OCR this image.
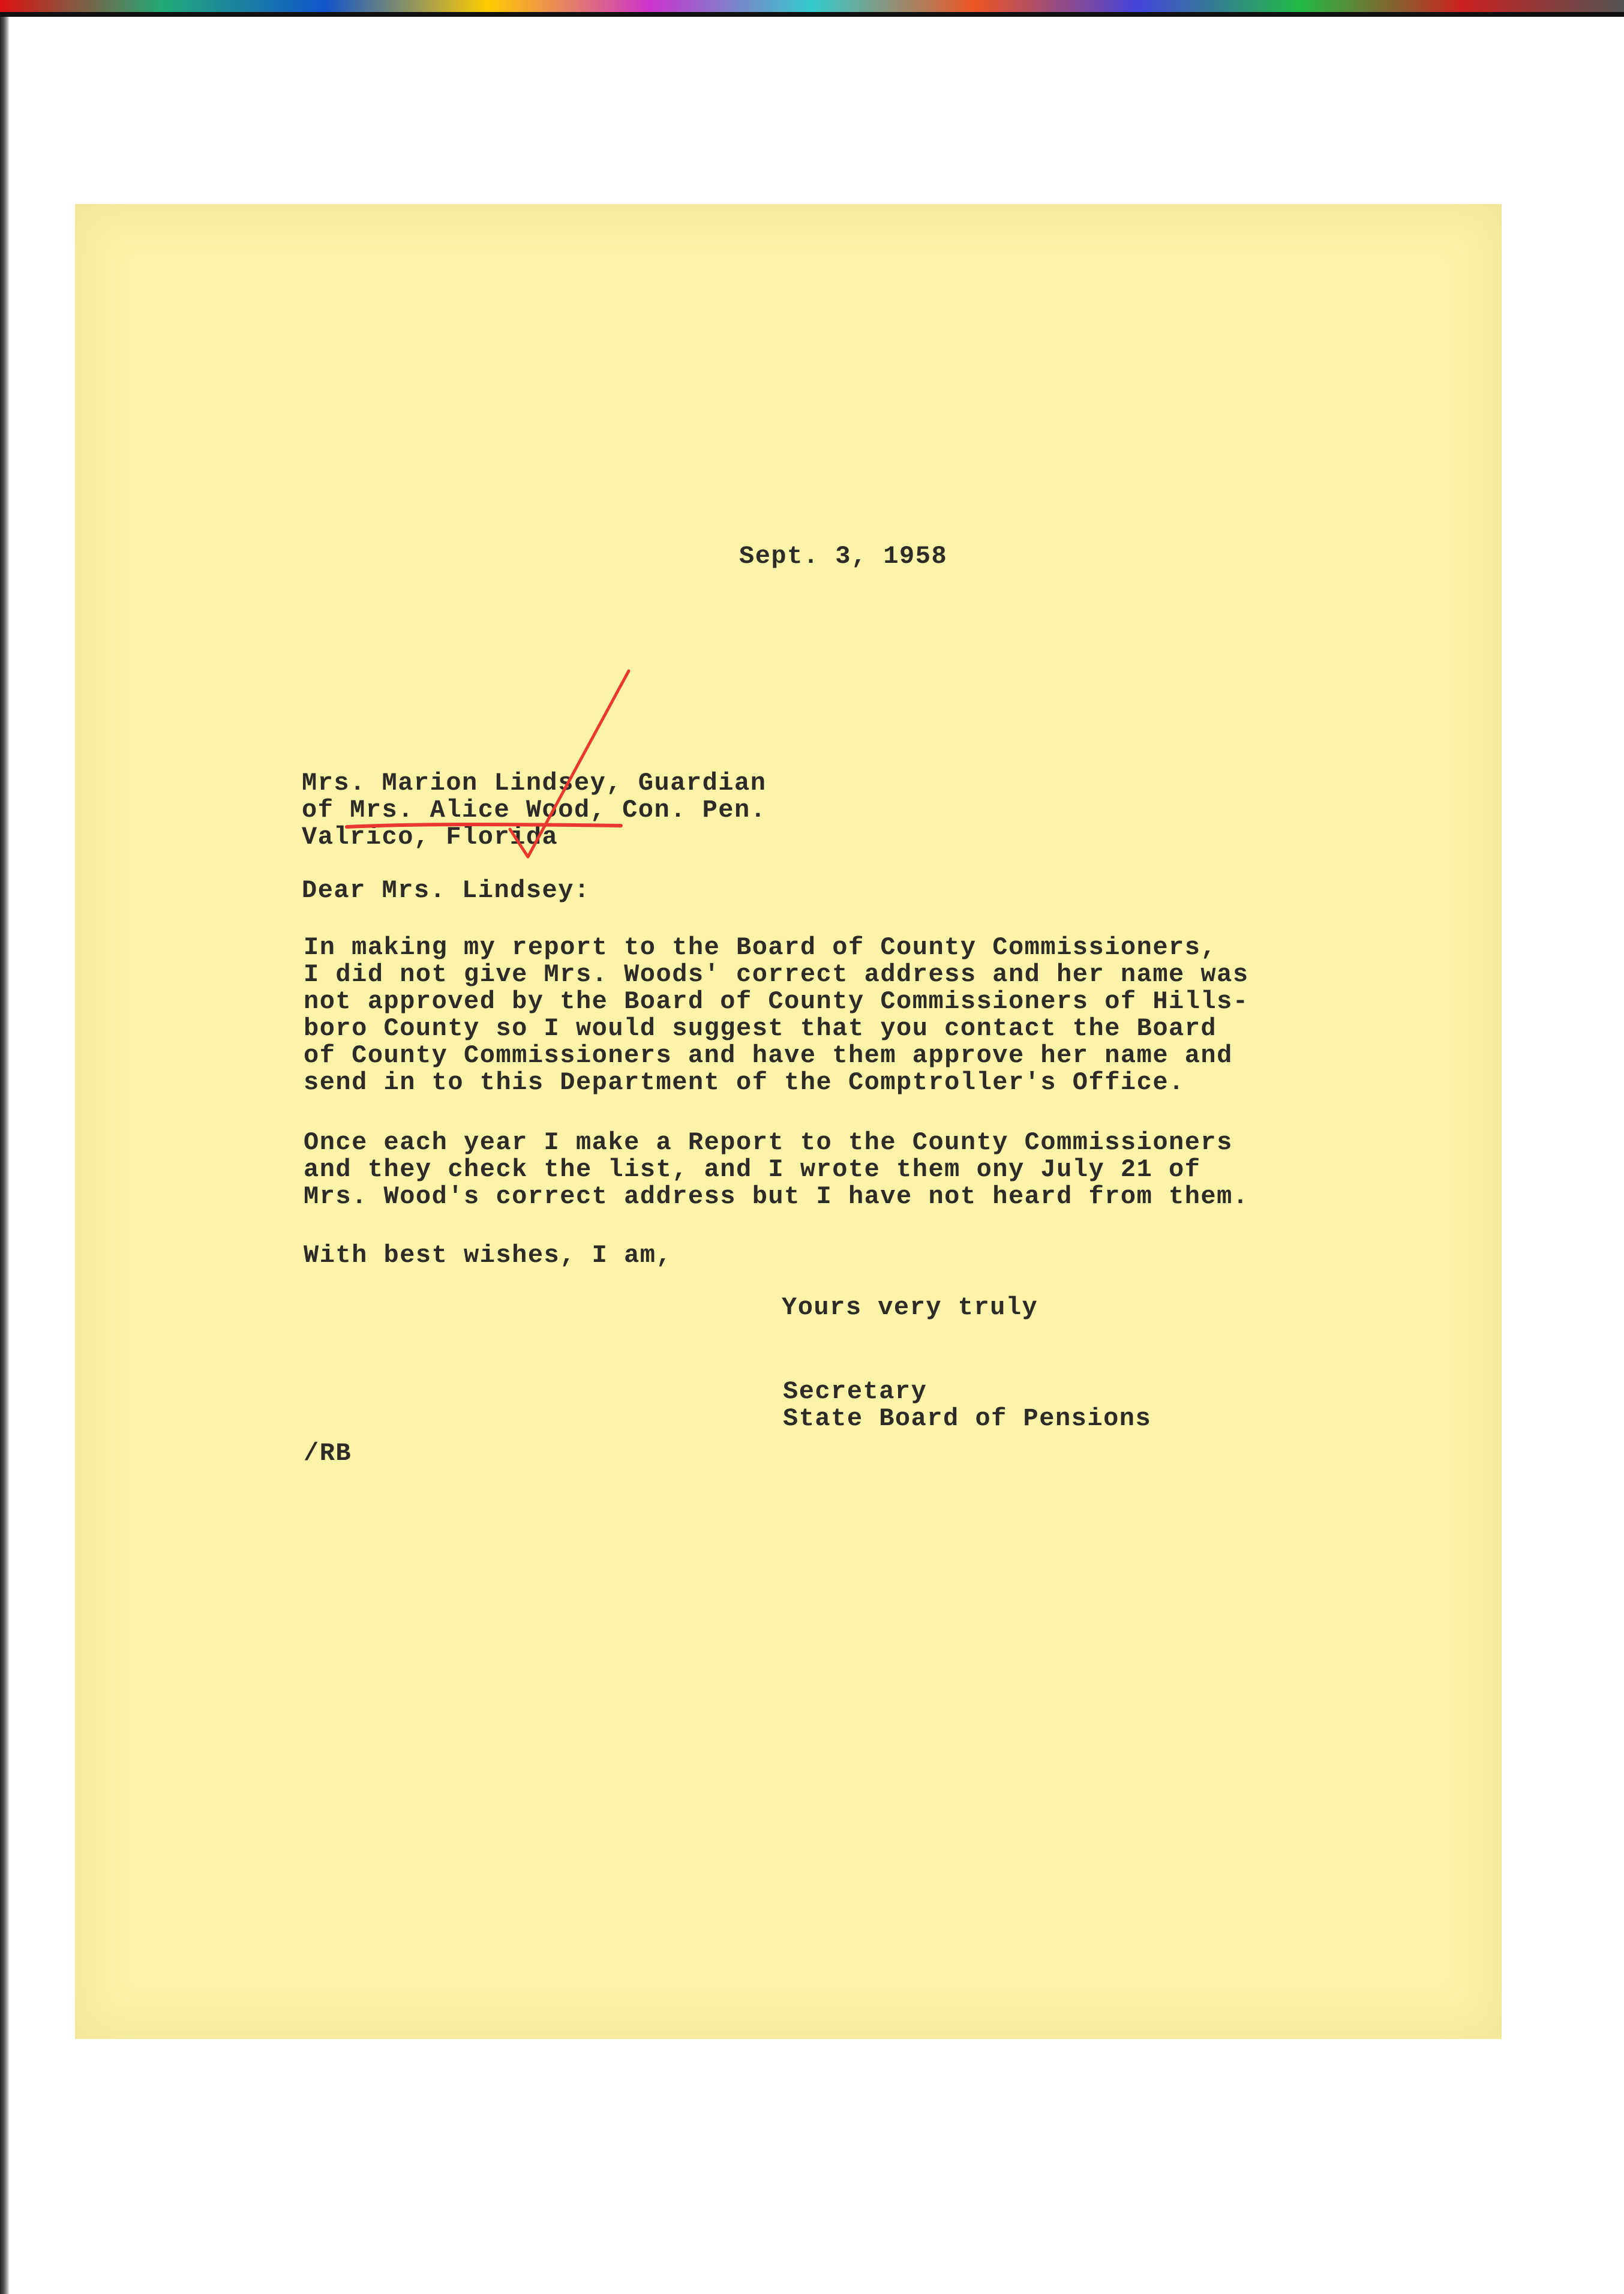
Sept. 3, 1958

Mrs. Marion Lindsey, Guardian
of Mrs. Alice Wood, Con. Pen.
Valrico, Florida

Dear Mrs. Lindsey:

In making my report to the Board of County Commissioners,
I did not give Mrs. Woods' correct address and her name was
not approved by the Board of County Commissioners of Hills-
boro County so I would suggest that you contact the Board
of County Commissioners and have them approve her name and
send in to this Department of the Comptroller's Office.
Once each year I make a Report to the County Commissioners
and they check the list, and I wrote them ony July 21 of
Mrs. Wood's correct address but I have not heard from them.

With best wishes, I am,

Yours very truly

Secretary
State Board of Pensions

/RB
